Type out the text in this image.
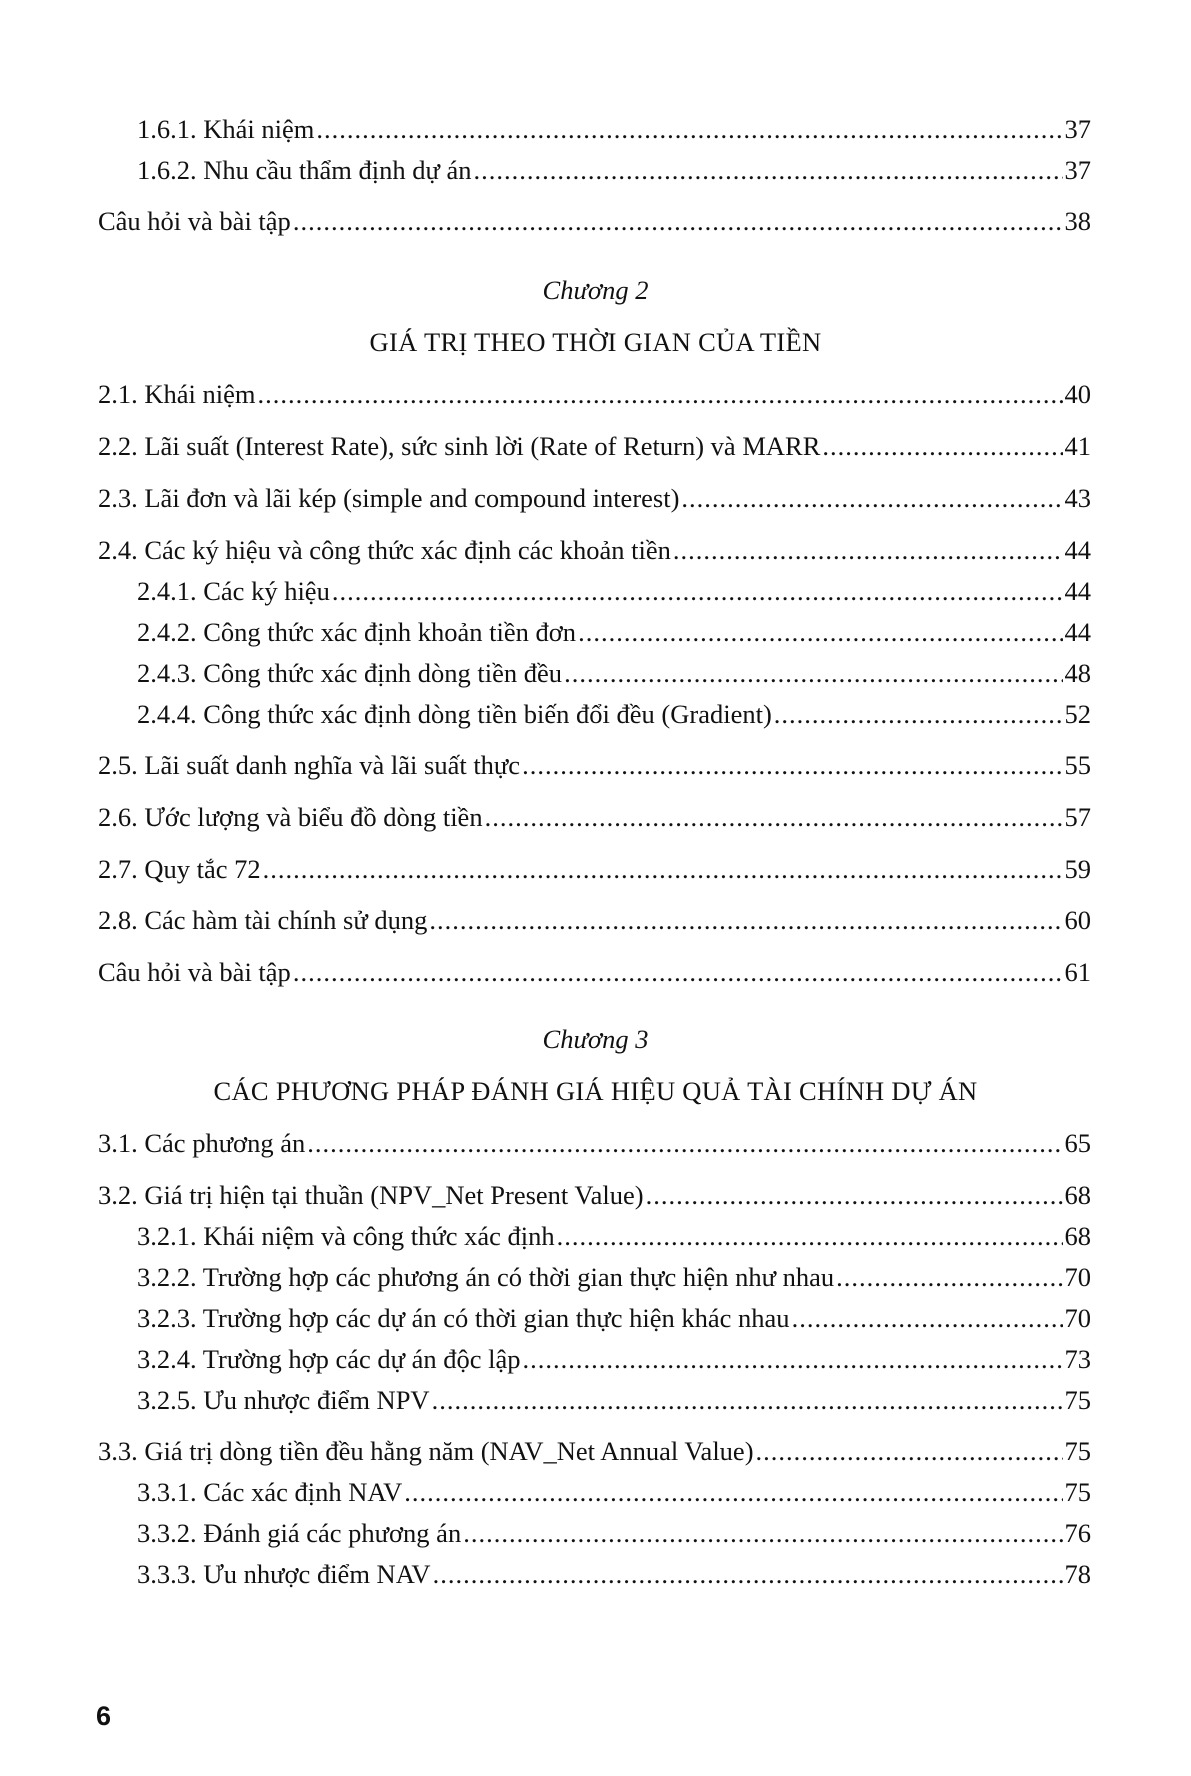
1.6.1. Khái niệm .....	37
1.6.2. Nhu cầu thẩm định dự án .....	37
Câu hỏi và bài tập .....	38
Chương 2
GIÁ TRỊ THEO THỜI GIAN CỦA TIỀN
2.1. Khái niệm .....	40
2.2. Lãi suất (Interest Rate), sức sinh lời (Rate of Return) và MARR .....	41
2.3. Lãi đơn và lãi kép (simple and compound interest) .....	43
2.4. Các ký hiệu và công thức xác định các khoản tiền .....	44
2.4.1. Các ký hiệu .....	44
2.4.2. Công thức xác định khoản tiền đơn .....	44
2.4.3. Công thức xác định dòng tiền đều .....	48
2.4.4. Công thức xác định dòng tiền biến đổi đều (Gradient) .....	52
2.5. Lãi suất danh nghĩa và lãi suất thực .....	55
2.6. Ước lượng và biểu đồ dòng tiền .....	57
2.7. Quy tắc 72 .....	59
2.8. Các hàm tài chính sử dụng .....	60
Câu hỏi và bài tập .....	61
Chương 3
CÁC PHƯƠNG PHÁP ĐÁNH GIÁ HIỆU QUẢ TÀI CHÍNH DỰ ÁN
3.1. Các phương án .....	65
3.2. Giá trị hiện tại thuần (NPV_Net Present Value) .....	68
3.2.1. Khái niệm và công thức xác định .....	68
3.2.2. Trường hợp các phương án có thời gian thực hiện như nhau .....	70
3.2.3. Trường hợp các dự án có thời gian thực hiện khác nhau .....	70
3.2.4. Trường hợp các dự án độc lập .....	73
3.2.5. Ưu nhược điểm NPV .....	75
3.3. Giá trị dòng tiền đều hằng năm (NAV_Net Annual Value) .....	75
3.3.1. Các xác định NAV .....	75
3.3.2. Đánh giá các phương án .....	76
3.3.3. Ưu nhược điểm NAV .....	78
6
